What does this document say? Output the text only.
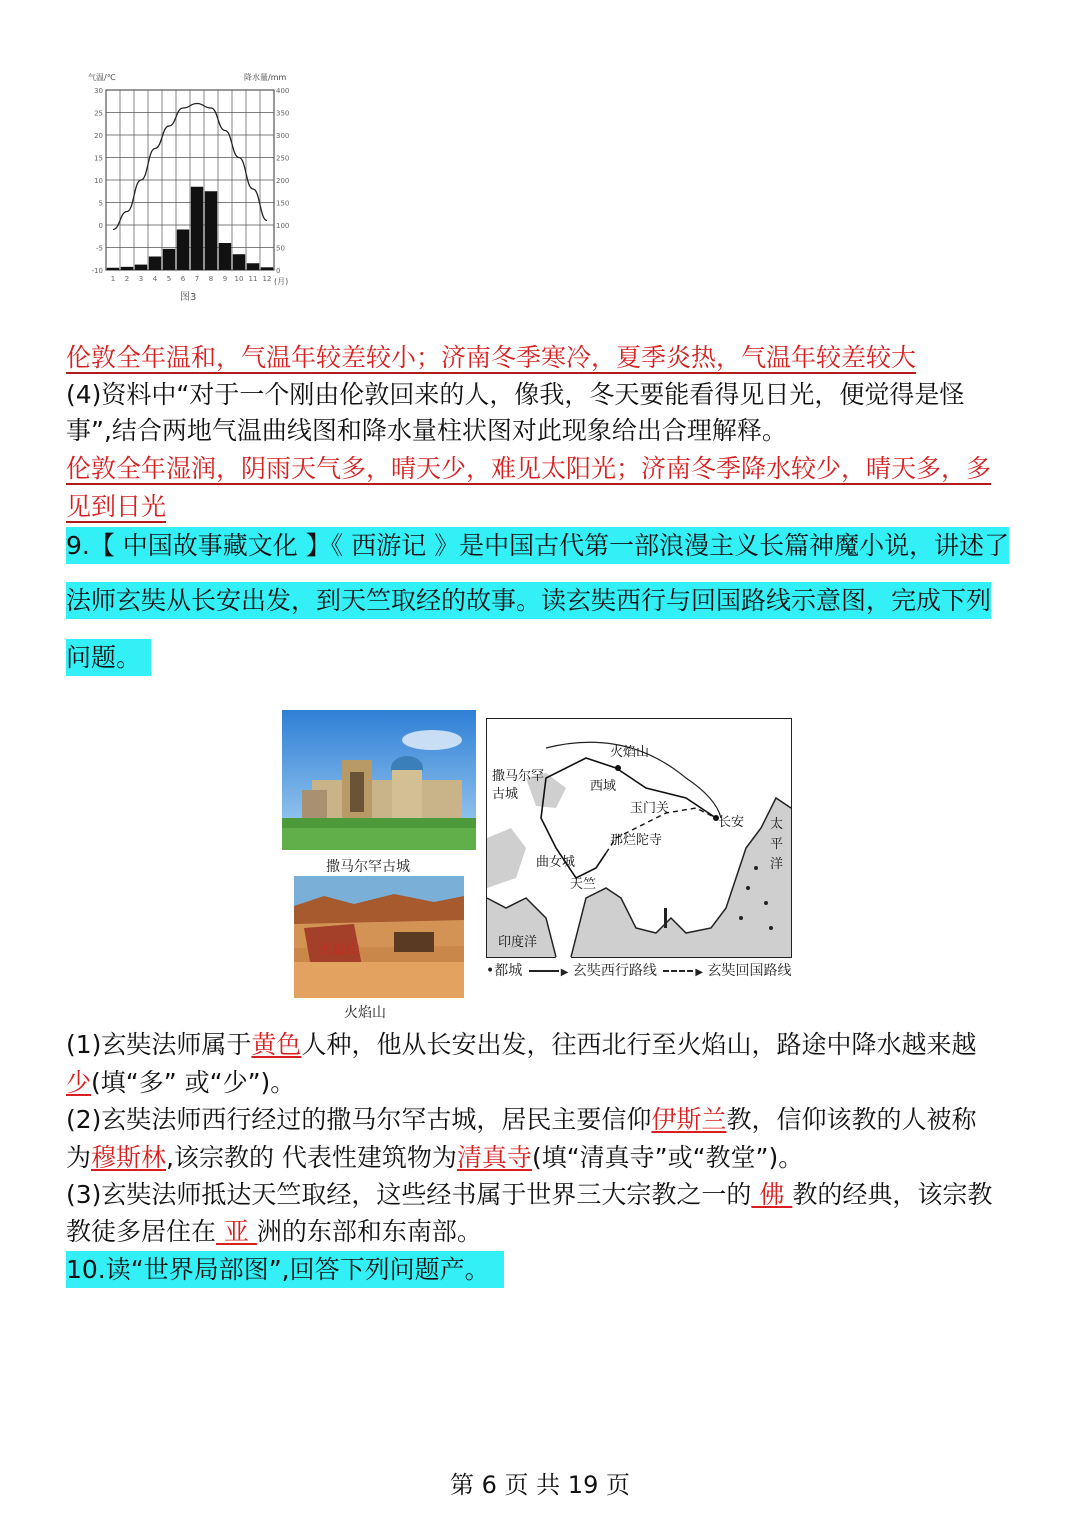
气温/℃	降水量/mm
30
25
20
15
10
5
0
-5
-10
400
350
300
250
200
150
100
50
0
1 2 3 4 5 6 7 8 9 10 11 12 (月)
图3
伦敦全年温和，气温年较差较小；济南冬季寒冷，夏季炎热，气温年较差较大
(4)资料中“对于一个刚由伦敦回来的人，像我，冬天要能看得见日光，便觉得是怪
事”,结合两地气温曲线图和降水量柱状图对此现象给出合理解释。
伦敦全年湿润，阴雨天气多，晴天少，难见太阳光；济南冬季降水较少，晴天多，多
见到日光
9.【 中国故事藏文化 】《 西游记 》是中国古代第一部浪漫主义长篇神魔小说，讲述了
法师玄奘从长安出发，到天竺取经的故事。读玄奘西行与回国路线示意图，完成下列
问题。
撒马尔罕古城
火焰山
火焰山
火焰山
撒马尔罕
古城
西域
玉门关
长安
那烂陀寺
曲女城
天竺
印度洋
太
平
洋
•都城	▶ 玄奘西行路线	▶ 玄奘回国路线
(1)玄奘法师属于黄色人种，他从长安出发，往西北行至火焰山，路途中降水越来越
少(填“多” 或“少”)。
(2)玄奘法师西行经过的撒马尔罕古城，居民主要信仰伊斯兰教，信仰该教的人被称
为穆斯林,该宗教的 代表性建筑物为清真寺(填“清真寺”或“教堂”)。
(3)玄奘法师抵达天竺取经，这些经书属于世界三大宗教之一的 佛 教的经典，该宗教
教徒多居住在 亚 洲的东部和东南部。
10.读“世界局部图”,回答下列问题产。
第 6 页 共 19 页
